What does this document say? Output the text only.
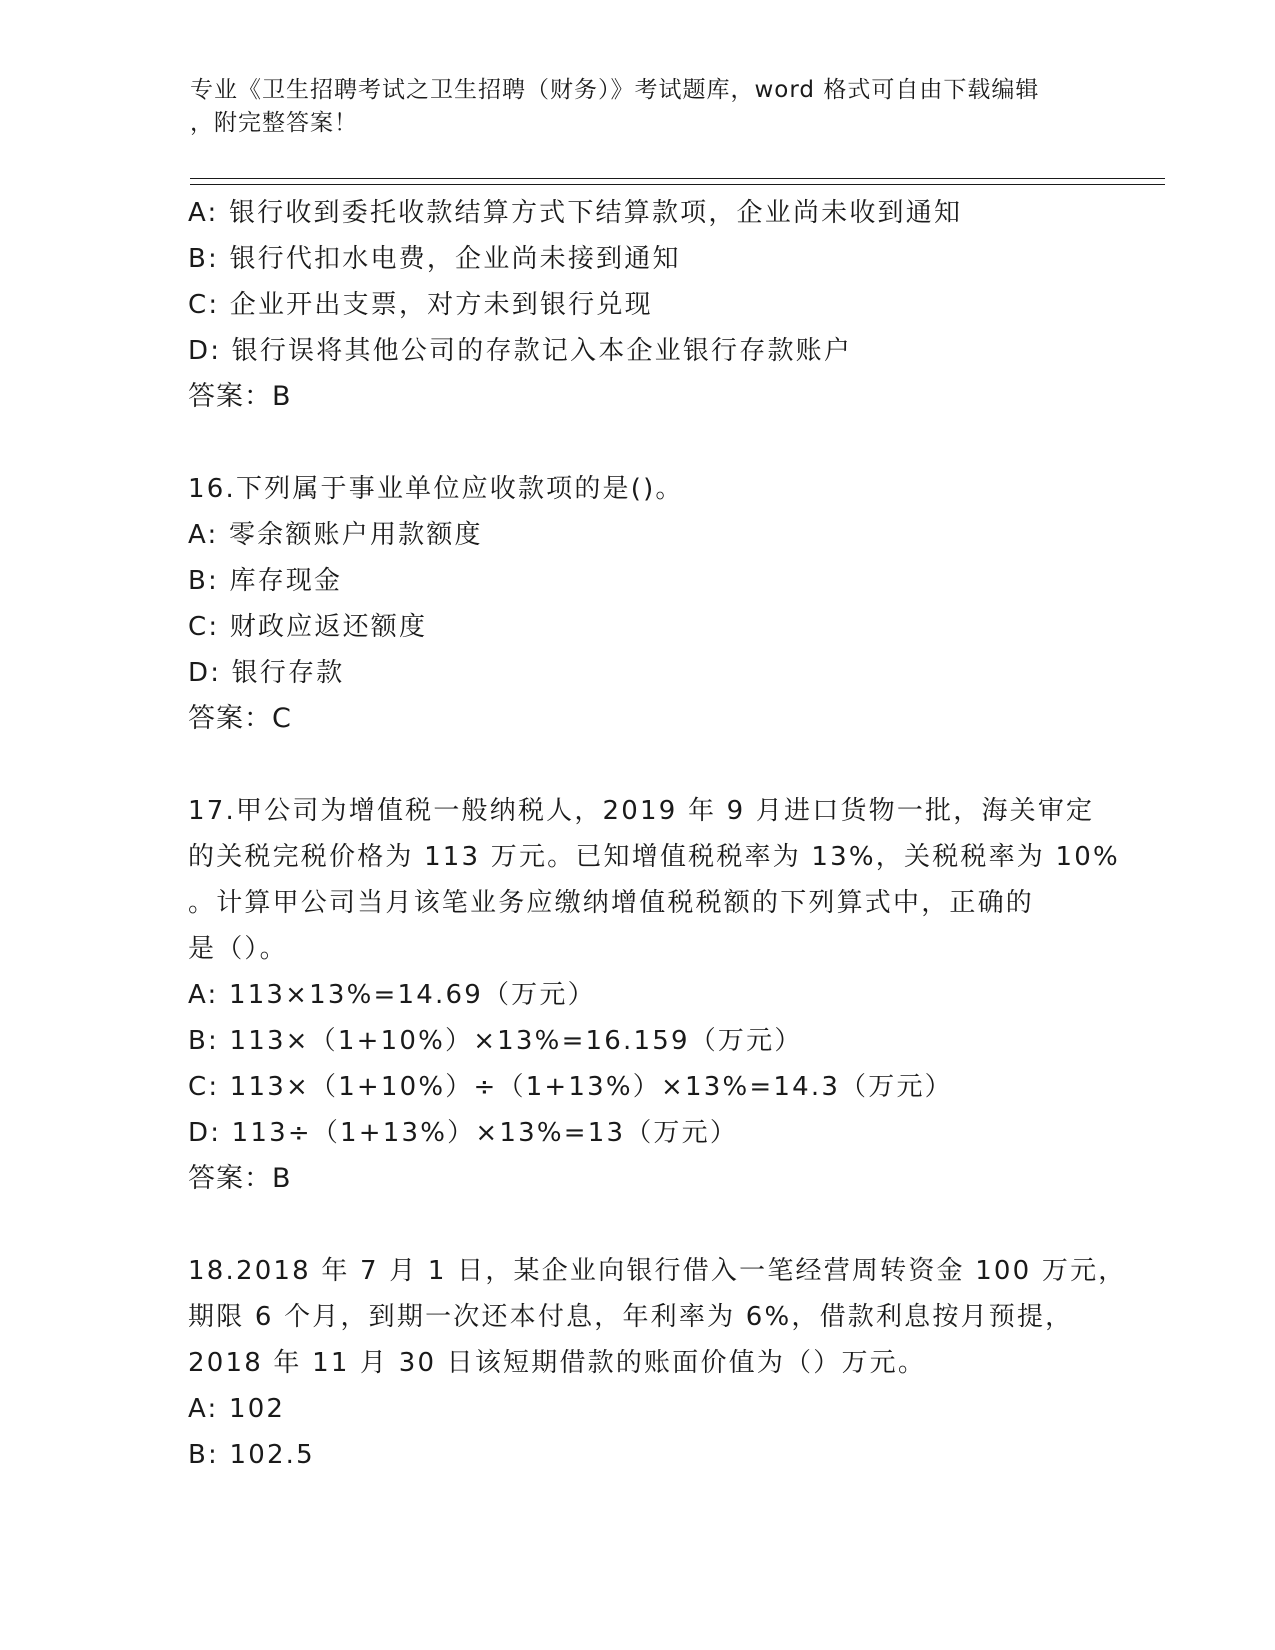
专业《卫生招聘考试之卫生招聘（财务）》考试题库，word 格式可自由下载编辑
，附完整答案！
A: 银行收到委托收款结算方式下结算款项，企业尚未收到通知
B: 银行代扣水电费，企业尚未接到通知
C: 企业开出支票，对方未到银行兑现
D: 银行误将其他公司的存款记入本企业银行存款账户
答案：B
16.下列属于事业单位应收款项的是()。
A: 零余额账户用款额度
B: 库存现金
C: 财政应返还额度
D: 银行存款
答案：C
17.甲公司为增值税一般纳税人，2019 年 9 月进口货物一批，海关审定
的关税完税价格为 113 万元。已知增值税税率为 13%，关税税率为 10%
。计算甲公司当月该笔业务应缴纳增值税税额的下列算式中，正确的
是（）。
A: 113×13%=14.69（万元）
B: 113×（1+10%）×13%=16.159（万元）
C: 113×（1+10%）÷（1+13%）×13%=14.3（万元）
D: 113÷（1+13%）×13%=13（万元）
答案：B
18.2018 年 7 月 1 日，某企业向银行借入一笔经营周转资金 100 万元，
期限 6 个月，到期一次还本付息，年利率为 6%，借款利息按月预提，
2018 年 11 月 30 日该短期借款的账面价值为（）万元。
A: 102
B: 102.5
